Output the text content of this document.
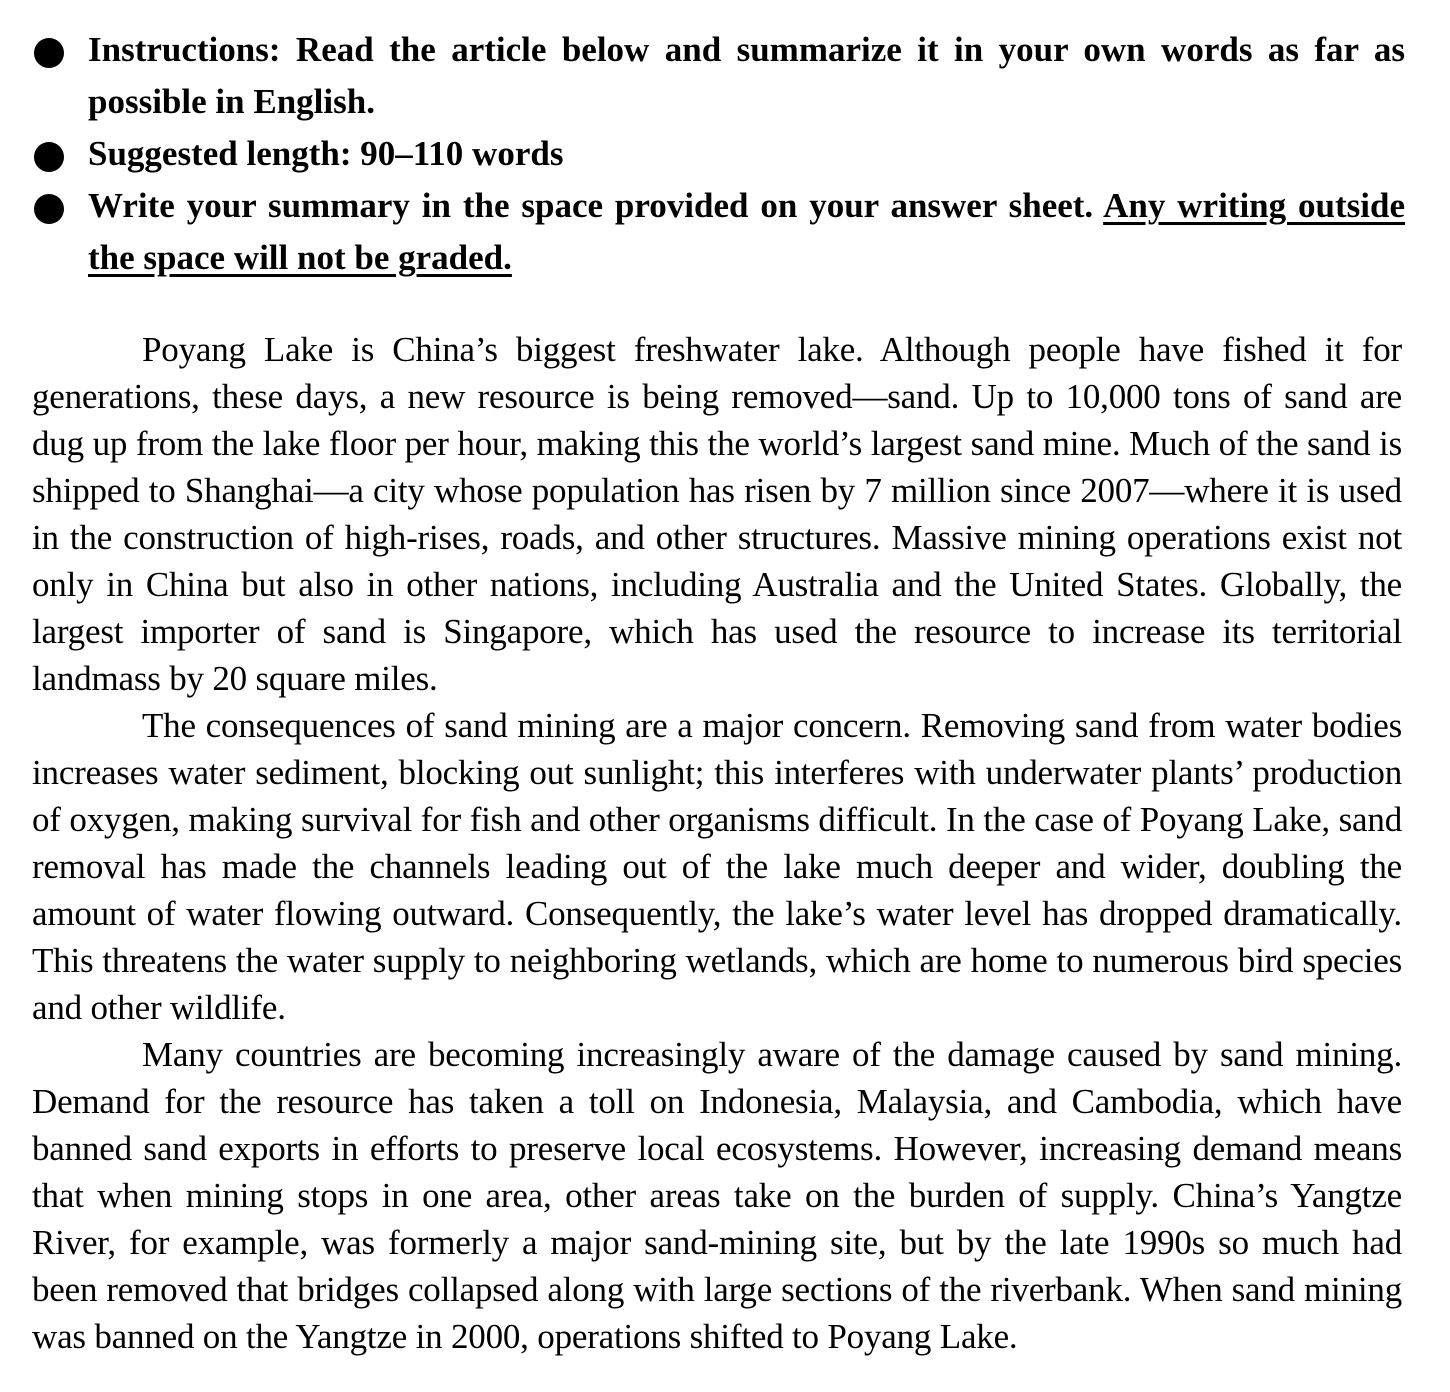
Instructions: Read the article below and summarize it in your own words as far as possible in English.
Suggested length: 90–110 words
Write your summary in the space provided on your answer sheet. Any writing outside the space will not be graded.

Poyang Lake is China’s biggest freshwater lake. Although people have fished it for generations, these days, a new resource is being removed—sand. Up to 10,000 tons of sand are dug up from the lake floor per hour, making this the world’s largest sand mine. Much of the sand is shipped to Shanghai—a city whose population has risen by 7 million since 2007—where it is used in the construction of high-rises, roads, and other structures. Massive mining operations exist not only in China but also in other nations, including Australia and the United States. Globally, the largest importer of sand is Singapore, which has used the resource to increase its territorial landmass by 20 square miles.

The consequences of sand mining are a major concern. Removing sand from water bodies increases water sediment, blocking out sunlight; this interferes with underwater plants’ production of oxygen, making survival for fish and other organisms difficult. In the case of Poyang Lake, sand removal has made the channels leading out of the lake much deeper and wider, doubling the amount of water flowing outward. Consequently, the lake’s water level has dropped dramatically. This threatens the water supply to neighboring wetlands, which are home to numerous bird species and other wildlife.

Many countries are becoming increasingly aware of the damage caused by sand mining. Demand for the resource has taken a toll on Indonesia, Malaysia, and Cambodia, which have banned sand exports in efforts to preserve local ecosystems. However, increasing demand means that when mining stops in one area, other areas take on the burden of supply. China’s Yangtze River, for example, was formerly a major sand-mining site, but by the late 1990s so much had been removed that bridges collapsed along with large sections of the riverbank. When sand mining was banned on the Yangtze in 2000, operations shifted to Poyang Lake.
